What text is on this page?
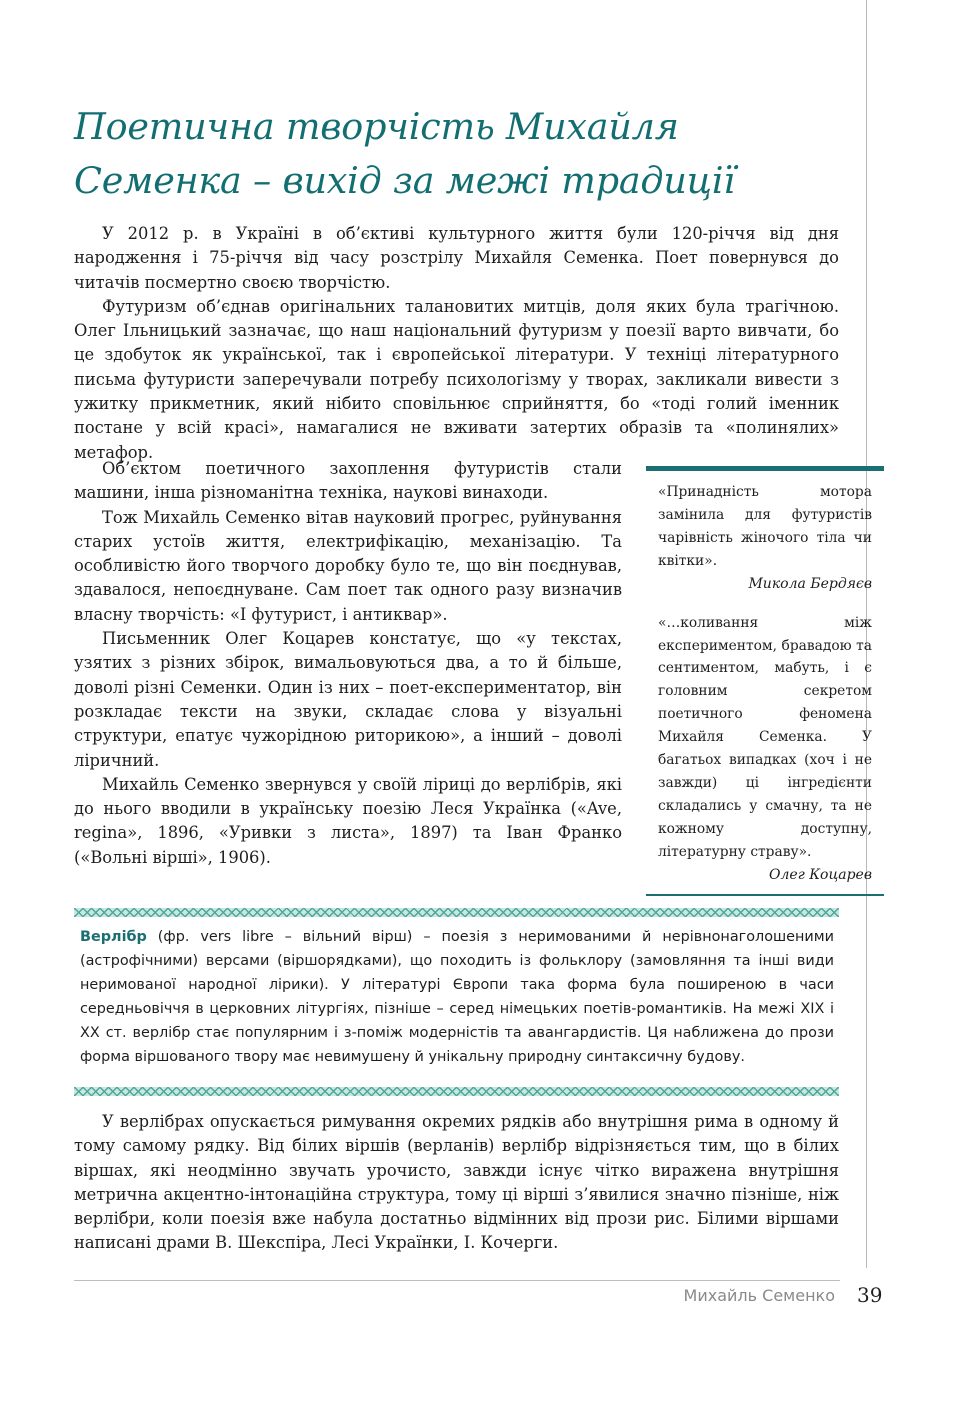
Поетична творчість Михайля Семенка – вихід за межі традиції

У 2012 р. в Україні в об’єктиві культурного життя були 120-річчя від дня народження і 75-річчя від часу розстрілу Михайля Семенка. Поет повернувся до читачів посмертно своєю творчістю.

Футуризм об’єднав оригінальних талановитих митців, доля яких була трагічною. Олег Ільницький зазначає, що наш національний футуризм у поезії варто вивчати, бо це здобуток як української, так і європейської літератури. У техніці літературного письма футуристи заперечували потребу психологізму у творах, закликали вивести з ужитку прикметник, який нібито сповільнює сприйняття, бо «тоді голий іменник постане у всій красі», намагалися не вживати затертих образів та «полинялих» метафор.

Об’єктом поетичного захоплення футуристів стали машини, інша різноманітна техніка, наукові винаходи.

Тож Михайль Семенко вітав науковий прогрес, руйнування старих устоїв життя, електрифікацію, механізацію. Та особливістю його творчого доробку було те, що він поєднував, здавалося, непоєднуване. Сам поет так одного разу визначив власну творчість: «І футурист, і антиквар».

Письменник Олег Коцарев констатує, що «у текстах, узятих з різних збірок, вимальовуються два, а то й більше, доволі різні Семенки. Один із них – поет-експериментатор, він розкладає тексти на звуки, складає слова у візуальні структури, епатує чужорідною риторикою», а інший – доволі ліричний.

Михайль Семенко звернувся у своїй ліриці до верлібрів, які до нього вводили в українську поезію Леся Українка («Ave, regina», 1896, «Уривки з листа», 1897) та Іван Франко («Вольні вірші», 1906).

«Принадність мотора замінила для футуристів чарівність жіночого тіла чи квітки».

Микола Бердяєв

«…коливання між експериментом, бравадою та сентиментом, мабуть, і є головним секретом поетичного феномена Михайля Семенка. У багатьох випадках (хоч і не завжди) ці інгредієнти складались у смачну, та не кожному доступну, літературну страву».

Олег Коцарев

Верлібр (фр. vers libre – вільний вірш) – поезія з неримованими й нерівнонаголошеними (астрофічними) версами (віршорядками), що походить із фольклору (замовляння та інші види неримованої народної лірики). У літературі Європи така форма була поширеною в часи середньовіччя в церковних літургіях, пізніше – серед німецьких поетів-романтиків. На межі ХІХ і ХХ ст. верлібр стає популярним і з-поміж модерністів та авангардистів. Ця наближена до прози форма віршованого твору має невимушену й унікальну природну синтаксичну будову.

У верлібрах опускається римування окремих рядків або внутрішня рима в одному й тому самому рядку. Від білих віршів (верланів) верлібр відрізняється тим, що в білих віршах, які неодмінно звучать урочисто, завжди існує чітко виражена внутрішня метрична акцентно-інтонаційна структура, тому ці вірші з’явилися значно пізніше, ніж верлібри, коли поезія вже набула достатньо відмінних від прози рис. Білими віршами написані драми В. Шекспіра, Лесі Українки, І. Кочерги.

Михайль Семенко 39
